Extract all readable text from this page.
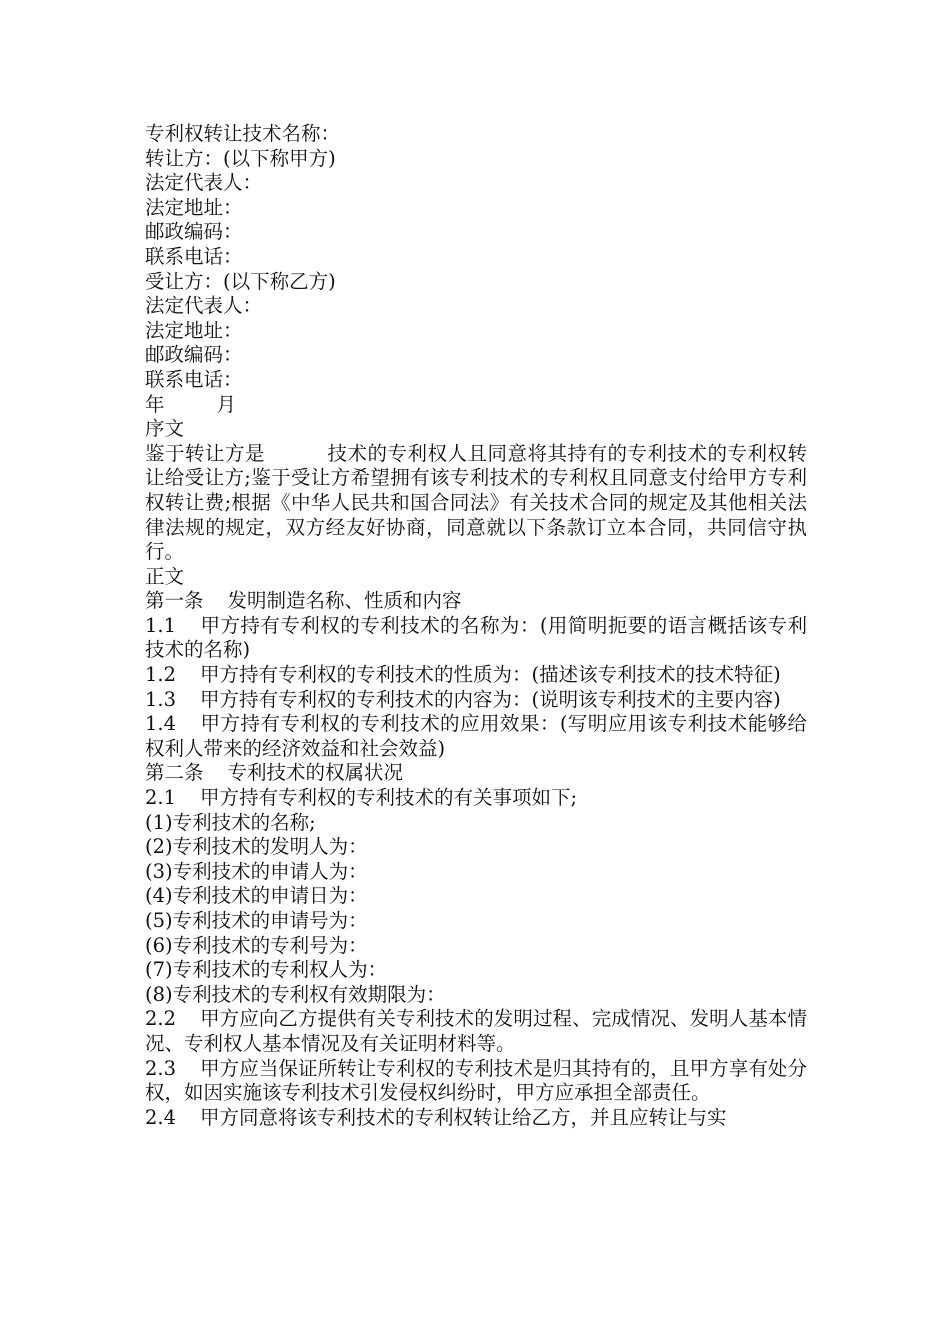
专利权转让技术名称：
转让方：(以下称甲方)
法定代表人：
法定地址：
邮政编码：
联系电话：
受让方：(以下称乙方)
法定代表人：
法定地址：
邮政编码：
联系电话：
年	月
序文
鉴于转让方是	技术的专利权人且同意将其持有的专利技术的专利权转让给受让方;鉴于受让方希望拥有该专利技术的专利权且同意支付给甲方专利权转让费;根据《中华人民共和国合同法》有关技术合同的规定及其他相关法律法规的规定，双方经友好协商，同意就以下条款订立本合同，共同信守执行。
正文
第一条 发明制造名称、性质和内容
1.1 甲方持有专利权的专利技术的名称为：(用简明扼要的语言概括该专利技术的名称)
1.2 甲方持有专利权的专利技术的性质为：(描述该专利技术的技术特征)
1.3 甲方持有专利权的专利技术的内容为：(说明该专利技术的主要内容)
1.4 甲方持有专利权的专利技术的应用效果：(写明应用该专利技术能够给权利人带来的经济效益和社会效益)
第二条 专利技术的权属状况
2.1 甲方持有专利权的专利技术的有关事项如下;
(1)专利技术的名称;
(2)专利技术的发明人为：
(3)专利技术的申请人为：
(4)专利技术的申请日为：
(5)专利技术的申请号为：
(6)专利技术的专利号为：
(7)专利技术的专利权人为：
(8)专利技术的专利权有效期限为：
2.2 甲方应向乙方提供有关专利技术的发明过程、完成情况、发明人基本情况、专利权人基本情况及有关证明材料等。
2.3 甲方应当保证所转让专利权的专利技术是归其持有的，且甲方享有处分权，如因实施该专利技术引发侵权纠纷时，甲方应承担全部责任。
2.4 甲方同意将该专利技术的专利权转让给乙方，并且应转让与实
